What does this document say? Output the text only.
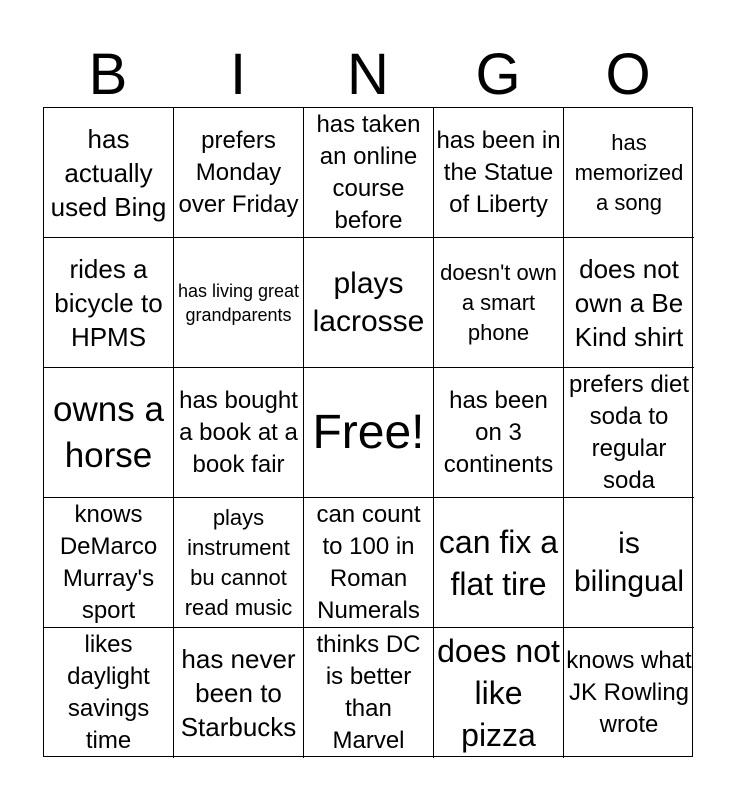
B	I	N	G	O
has actually used Bing
prefers Monday over Friday
has taken an online course before
has been in the Statue of Liberty
has memorized a song
rides a bicycle to HPMS
has living great grandparents
plays lacrosse
doesn't own a smart phone
does not own a Be Kind shirt
owns a horse
has bought a book at a book fair
Free!
has been on 3 continents
prefers diet soda to regular soda
knows DeMarco Murray's sport
plays instrument bu cannot read music
can count to 100 in Roman Numerals
can fix a flat tire
is bilingual
likes daylight savings time
has never been to Starbucks
thinks DC is better than Marvel
does not like pizza
knows what JK Rowling wrote
